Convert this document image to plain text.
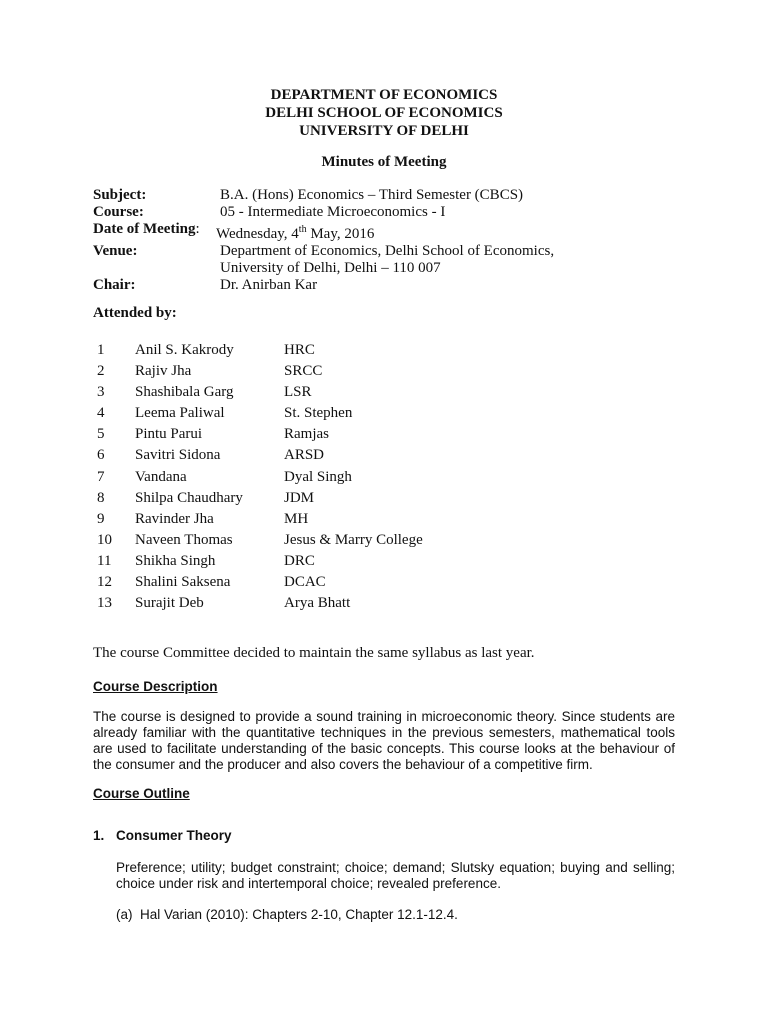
DEPARTMENT OF ECONOMICS
DELHI SCHOOL OF ECONOMICS
UNIVERSITY OF DELHI
Minutes of Meeting
Subject:	B.A. (Hons) Economics – Third Semester (CBCS)
Course:	05 - Intermediate Microeconomics - I
Date of Meeting:	Wednesday, 4th May, 2016
Venue:	Department of Economics, Delhi School of Economics,
University of Delhi, Delhi – 110 007
Chair:	Dr. Anirban Kar
Attended by:
1	Anil S. Kakrody	HRC
2	Rajiv Jha	SRCC
3	Shashibala Garg	LSR
4	Leema Paliwal	St. Stephen
5	Pintu Parui	Ramjas
6	Savitri Sidona	ARSD
7	Vandana	Dyal Singh
8	Shilpa Chaudhary	JDM
9	Ravinder Jha	MH
10	Naveen Thomas	Jesus & Marry College
11	Shikha Singh	DRC
12	Shalini Saksena	DCAC
13	Surajit Deb	Arya Bhatt
The course Committee decided to maintain the same syllabus as last year.
Course Description
The course is designed to provide a sound training in microeconomic theory. Since students are already familiar with the quantitative techniques in the previous semesters, mathematical tools are used to facilitate understanding of the basic concepts. This course looks at the behaviour of the consumer and the producer and also covers the behaviour of a competitive firm.
Course Outline
1. Consumer Theory
Preference; utility; budget constraint; choice; demand; Slutsky equation; buying and selling; choice under risk and intertemporal choice; revealed preference.
(a) Hal Varian (2010): Chapters 2-10, Chapter 12.1-12.4.
